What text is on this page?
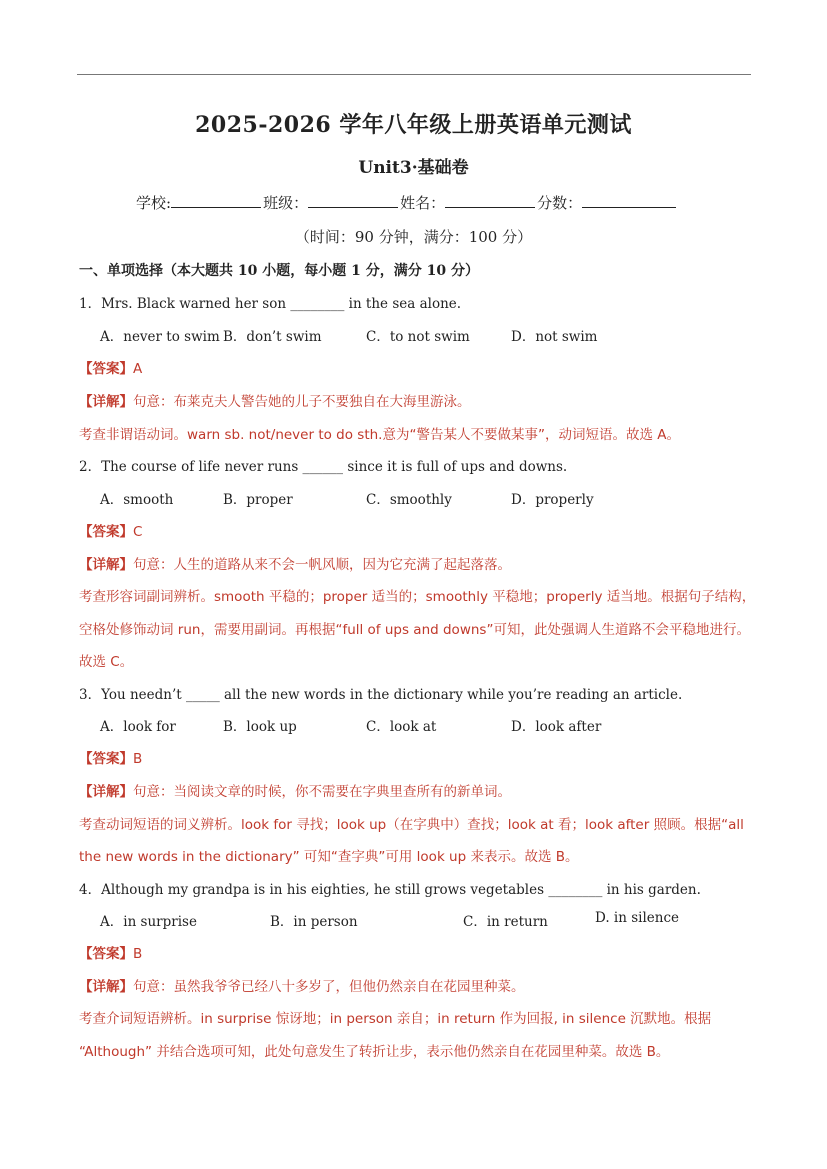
2025-2026 学年八年级上册英语单元测试
Unit3·基础卷
学校:	班级：	姓名：	分数：
（时间：90 分钟，满分：100 分）
一、单项选择（本大题共 10 小题，每小题 1 分，满分 10 分）
1．Mrs. Black warned her son ________ in the sea alone.
A．never to swim B．don’t swim	C．to not swim	D．not swim
【答案】A
【详解】句意：布莱克夫人警告她的儿子不要独自在大海里游泳。
考查非谓语动词。warn sb. not/never to do sth.意为“警告某人不要做某事”，动词短语。故选 A。
2．The course of life never runs ______ since it is full of ups and downs.
A．smooth	B．proper	C．smoothly	D．properly
【答案】C
【详解】句意：人生的道路从来不会一帆风顺，因为它充满了起起落落。
考查形容词副词辨析。smooth 平稳的；proper 适当的；smoothly 平稳地；properly 适当地。根据句子结构，
空格处修饰动词 run，需要用副词。再根据“full of ups and downs”可知，此处强调人生道路不会平稳地进行。
故选 C。
3．You needn’t _____ all the new words in the dictionary while you’re reading an article.
A．look for	B．look up	C．look at	D．look after
【答案】B
【详解】句意：当阅读文章的时候，你不需要在字典里查所有的新单词。
考查动词短语的词义辨析。look for 寻找；look up（在字典中）查找；look at 看；look after 照顾。根据“all
the new words in the dictionary” 可知“查字典”可用 look up 来表示。故选 B。
4．Although my grandpa is in his eighties, he still grows vegetables ________ in his garden.
A．in surprise	B．in person	C．in return	D. in silence
【答案】B
【详解】句意：虽然我爷爷已经八十多岁了，但他仍然亲自在花园里种菜。
考查介词短语辨析。in surprise 惊讶地；in person 亲自；in return 作为回报, in silence 沉默地。根据
“Although” 并结合选项可知，此处句意发生了转折让步，表示他仍然亲自在花园里种菜。故选 B。
